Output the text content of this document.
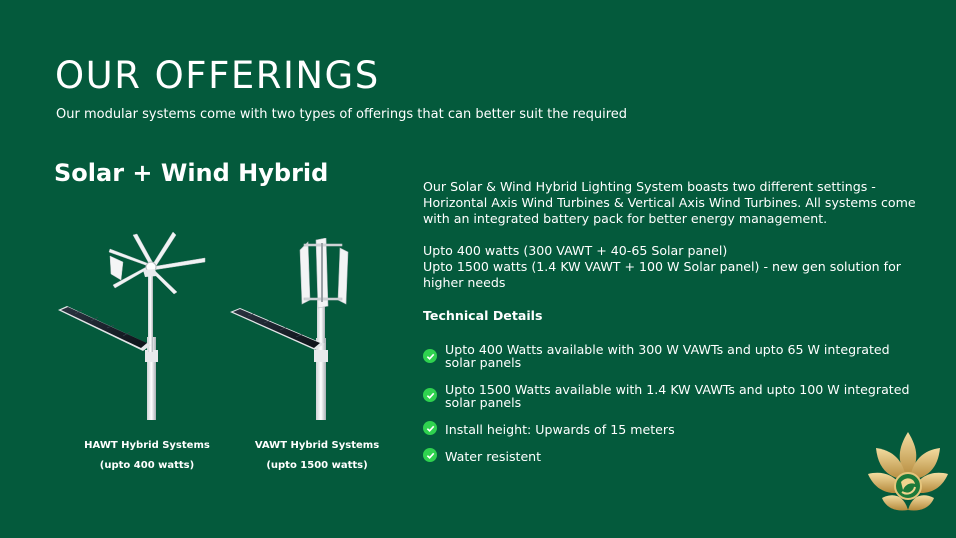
OUR OFFERINGS
Our modular systems come with two types of offerings that can better suit the required
Solar + Wind Hybrid
HAWT Hybrid Systems
(upto 400 watts)
VAWT Hybrid Systems
(upto 1500 watts)

Our Solar & Wind Hybrid Lighting System boasts two different settings - Horizontal Axis Wind Turbines & Vertical Axis Wind Turbines. All systems come with an integrated battery pack for better energy management.

Upto 400 watts (300 VAWT + 40-65 Solar panel)

Upto 1500 watts (1.4 KW VAWT + 100 W Solar panel) - new gen solution for higher needs

Technical Details
Upto 400 Watts available with 300 W VAWTs and upto 65 W integrated solar panels
Upto 1500 Watts available with 1.4 KW VAWTs and upto 100 W integrated solar panels
Install height: Upwards of 15 meters
Water resistent
